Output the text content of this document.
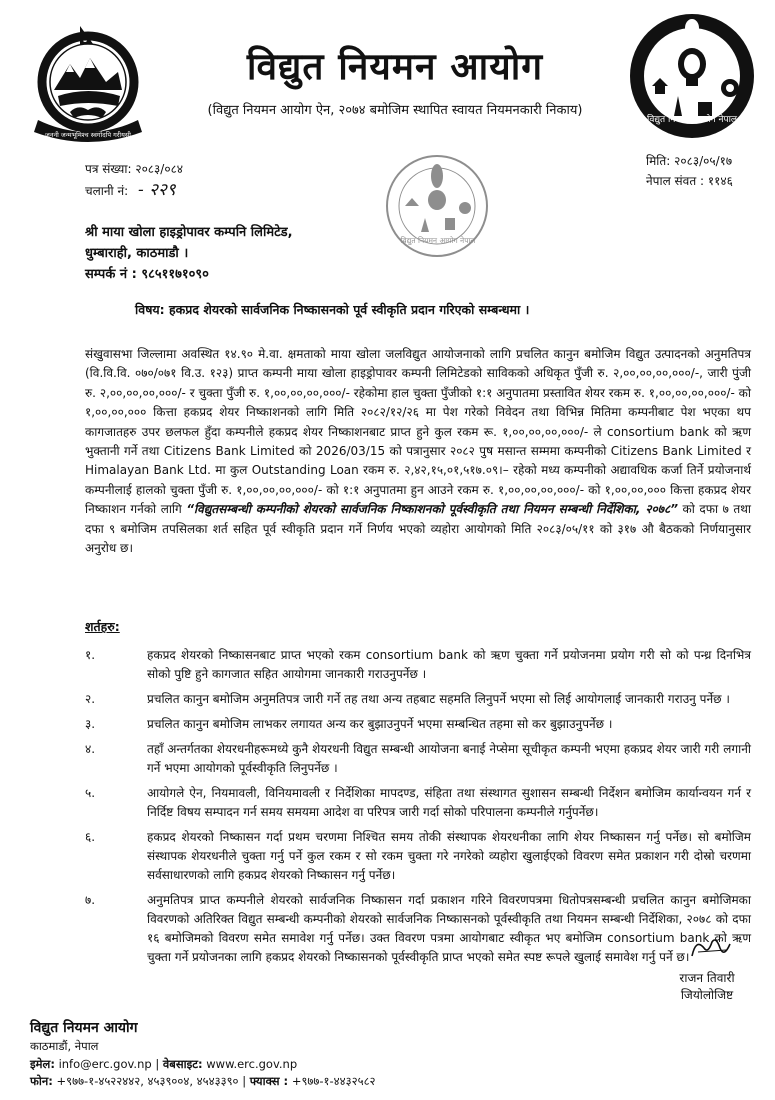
जननी जन्मभूमिश्च स्वर्गादपि गरीयसी
विद्युत नियमन आयोग
(विद्युत नियमन आयोग ऐन, २०७४ बमोजिम स्थापित स्वायत नियमनकारी निकाय)
विद्युत नियमन आयोग नेपाल
पत्र संख्या: २०८३/०८४
चलानी नं: - २२९
विद्युत नियमन आयोग नेपाल
मिति: २०८३/०५/१७
नेपाल संवत : ११४६
श्री माया खोला हाइड्रोपावर कम्पनि लिमिटेड,
धुम्बाराही, काठमाडौ ।
सम्पर्क नं : ९८५११७१०९०
विषय: हकप्रद शेयरको सार्वजनिक निष्कासनको पूर्व स्वीकृति प्रदान गरिएको सम्बन्धमा ।
संखुवासभा जिल्लामा अवस्थित १४.९० मे.वा. क्षमताको माया खोला जलविद्युत आयोजनाको लागि प्रचलित कानुन बमोजिम विद्युत उत्पादनको अनुमतिपत्र (वि.वि.वि. ०७०/०७१ वि.उ. १२३) प्राप्त कम्पनी माया खोला हाइड्रोपावर कम्पनी लिमिटेडको साविकको अधिकृत पुँजी रु. २,००,००,००,०००/-, जारी पुंजी रु. २,००,००,००,०००/- र चुक्ता पुँजी रु. १,००,००,००,०००/- रहेकोमा हाल चुक्ता पुँजीको १:१ अनुपातमा प्रस्तावित शेयर रकम रु. १,००,००,००,०००/- को १,००,००,००० कित्ता हकप्रद शेयर निष्काशनको लागि मिति २०८२/१२/२६ मा पेश गरेको निवेदन तथा विभिन्न मितिमा कम्पनीबाट पेश भएका थप कागजातहरु उपर छलफल हुँदा कम्पनीले हकप्रद शेयर निष्काशनबाट प्राप्त हुने कुल रकम रू. १,००,००,००,०००/- ले consortium bank को ऋण भुक्तानी गर्ने तथा Citizens Bank Limited को 2026/03/15 को पत्रानुसार २०८२ पुष मसान्त सम्ममा कम्पनीको Citizens Bank Limited र Himalayan Bank Ltd. मा कुल Outstanding Loan रकम रु. २,४२,१५,०१,५१७.०९।– रहेको मध्य कम्पनीको अद्यावधिक कर्जा तिर्ने प्रयोजनार्थ कम्पनीलाई हालको चुक्ता पुँजी रु. १,००,००,००,०००/- को १:१ अनुपातमा हुन आउने रकम रु. १,००,००,००,०००/- को १,००,००,००० कित्ता हकप्रद शेयर निष्काशन गर्नको लागि “विद्युतसम्बन्धी कम्पनीको शेयरको सार्वजनिक निष्काशनको पूर्वस्वीकृति तथा नियमन सम्बन्धी निर्देशिका, २०७८” को दफा ७ तथा दफा ९ बमोजिम तपसिलका शर्त सहित पूर्व स्वीकृति प्रदान गर्ने निर्णय भएको व्यहोरा आयोगको मिति २०८३/०५/११ को ३१७ औ बैठकको निर्णयानुसार अनुरोध छ।
शर्तहरु:
१.	हकप्रद शेयरको निष्कासनबाट प्राप्त भएको रकम consortium bank को ऋण चुक्ता गर्ने प्रयोजनमा प्रयोग गरी सो को पन्ध्र दिनभित्र सोको पुष्टि हुने कागजात सहित आयोगमा जानकारी गराउनुपर्नेछ ।
२.	प्रचलित कानुन बमोजिम अनुमतिपत्र जारी गर्ने तह तथा अन्य तहबाट सहमति लिनुपर्ने भएमा सो लिई आयोगलाई जानकारी गराउनु पर्नेछ ।
३.	प्रचलित कानुन बमोजिम लाभकर लगायत अन्य कर बुझाउनुपर्ने भएमा सम्बन्धित तहमा सो कर बुझाउनुपर्नेछ ।
४.	तहाँ अन्तर्गतका शेयरधनीहरूमध्ये कुनै शेयरधनी विद्युत सम्बन्धी आयोजना बनाई नेप्सेमा सूचीकृत कम्पनी भएमा हकप्रद शेयर जारी गरी लगानी गर्ने भएमा आयोगको पूर्वस्वीकृति लिनुपर्नेछ ।
५.	आयोगले ऐन, नियमावली, विनियमावली र निर्देशिका मापदण्ड, संहिता तथा संस्थागत सुशासन सम्बन्धी निर्देशन बमोजिम कार्यान्वयन गर्न र निर्दिष्ट विषय सम्पादन गर्न समय समयमा आदेश वा परिपत्र जारी गर्दा सोको परिपालना कम्पनीले गर्नुपर्नेछ।
६.	हकप्रद शेयरको निष्कासन गर्दा प्रथम चरणमा निश्चित समय तोकी संस्थापक शेयरधनीका लागि शेयर निष्कासन गर्नु पर्नेछ। सो बमोजिम संस्थापक शेयरधनीले चुक्ता गर्नु पर्ने कुल रकम र सो रकम चुक्ता गरे नगरेको व्यहोरा खुलाईएको विवरण समेत प्रकाशन गरी दोस्रो चरणमा सर्वसाधारणको लागि हकप्रद शेयरको निष्कासन गर्नु पर्नेछ।
७.	अनुमतिपत्र प्राप्त कम्पनीले शेयरको सार्वजनिक निष्कासन गर्दा प्रकाशन गरिने विवरणपत्रमा धितोपत्रसम्बन्धी प्रचलित कानुन बमोजिमका विवरणको अतिरिक्त विद्युत सम्बन्धी कम्पनीको शेयरको सार्वजनिक निष्कासनको पूर्वस्वीकृति तथा नियमन सम्बन्धी निर्देशिका, २०७८ को दफा १६ बमोजिमको विवरण समेत समावेश गर्नु पर्नेछ। उक्त विवरण पत्रमा आयोगबाट स्वीकृत भए बमोजिम consortium bank को ऋण चुक्ता गर्ने प्रयोजनका लागि हकप्रद शेयरको निष्कासनको पूर्वस्वीकृति प्राप्त भएको समेत स्पष्ट रूपले खुलाई समावेश गर्नु पर्ने छ।
राजन तिवारी
जियोलोजिष्ट
विद्युत नियमन आयोग
काठमाडौं, नेपाल
इमेल: info@erc.gov.np | वेबसाइट: www.erc.gov.np
फोन: +९७७-१-४५२२४४२, ४५३९००४, ४५४३३९० | फ्याक्स : +९७७-१-४४३२५८२
